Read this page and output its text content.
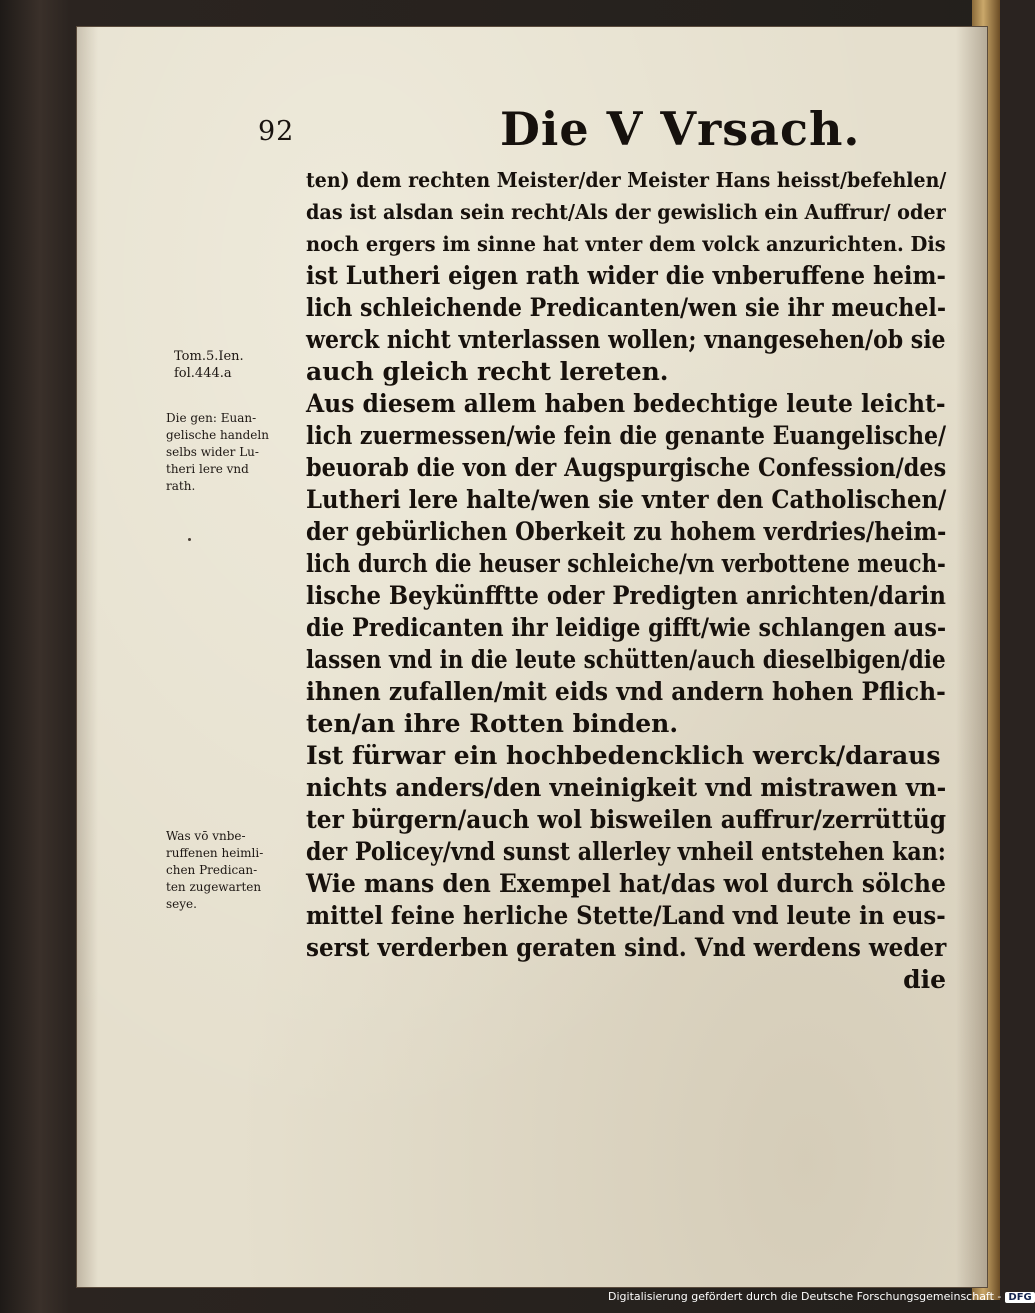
92	Die V Vrsach.
ten) dem rechten Meister/der Meister Hans heisst/befehlen/
das ist alsdan sein recht/Als der gewislich ein Auffrur/ oder
noch ergers im sinne hat vnter dem volck anzurichten. Dis
ist Lutheri eigen rath wider die vnberuffene heim-
lich schleichende Predicanten/wen sie ihr meuchel-
werck nicht vnterlassen wollen; vnangesehen/ob sie
auch gleich recht lereten.
Aus diesem allem haben bedechtige leute leicht-
lich zuermessen/wie fein die genante Euangelische/
beuorab die von der Augspurgische Confession/des
Lutheri lere halte/wen sie vnter den Catholischen/
der gebürlichen Oberkeit zu hohem verdries/heim-
lich durch die heuser schleiche/vn verbottene meuch-
lische Beykünfftte oder Predigten anrichten/darin
die Predicanten ihr leidige gifft/wie schlangen aus-
lassen vnd in die leute schütten/auch dieselbigen/die
ihnen zufallen/mit eids vnd andern hohen Pflich-
ten/an ihre Rotten binden.
Ist fürwar ein hochbedencklich werck/daraus
nichts anders/den vneinigkeit vnd mistrawen vn-
ter bürgern/auch wol bisweilen auffrur/zerrüttüg
der Policey/vnd sunst allerley vnheil entstehen kan:
Wie mans den Exempel hat/das wol durch sölche
mittel feine herliche Stette/Land vnd leute in eus-
serst verderben geraten sind. Vnd werdens weder
die
Tom.5.Ien.
fol.444.a
Die gen: Euan-
gelische handeln
selbs wider Lu-
theri lere vnd
rath.
Was vō vnbe-
ruffenen heimli-
chen Predican-
ten zugewarten
seye.
Digitalisierung gefördert durch die Deutsche Forschungsgemeinschaft - DFG
